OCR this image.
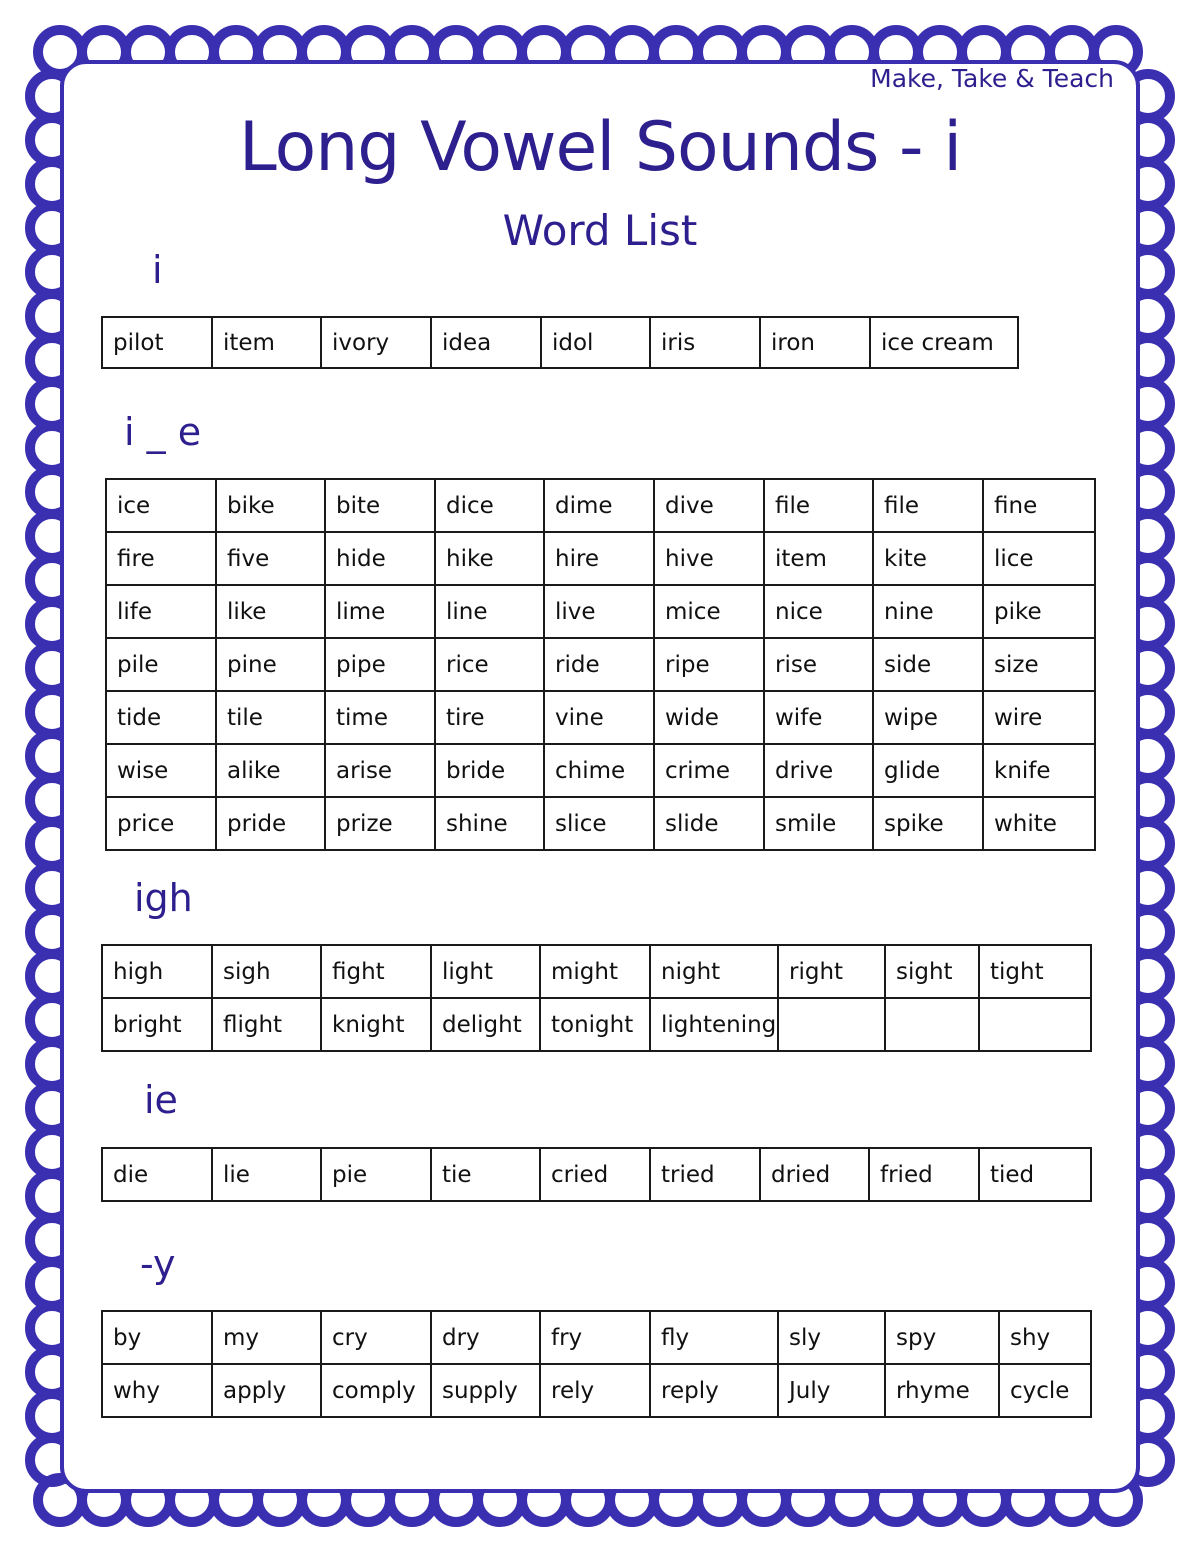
Make, Take & Teach
Long Vowel Sounds - i
Word List
i
pilot	item	ivory	idea	idol	iris	iron	ice cream
i _ e
ice	bike	bite	dice	dime	dive	file	file	fine
fire	five	hide	hike	hire	hive	item	kite	lice
life	like	lime	line	live	mice	nice	nine	pike
pile	pine	pipe	rice	ride	ripe	rise	side	size
tide	tile	time	tire	vine	wide	wife	wipe	wire
wise	alike	arise	bride	chime	crime	drive	glide	knife
price	pride	prize	shine	slice	slide	smile	spike	white
igh
high	sigh	fight	light	might	night	right	sight	tight
bright	flight	knight	delight	tonight	lightening			
ie
die	lie	pie	tie	cried	tried	dried	fried	tied
-y
by	my	cry	dry	fry	fly	sly	spy	shy
why	apply	comply	supply	rely	reply	July	rhyme	cycle
